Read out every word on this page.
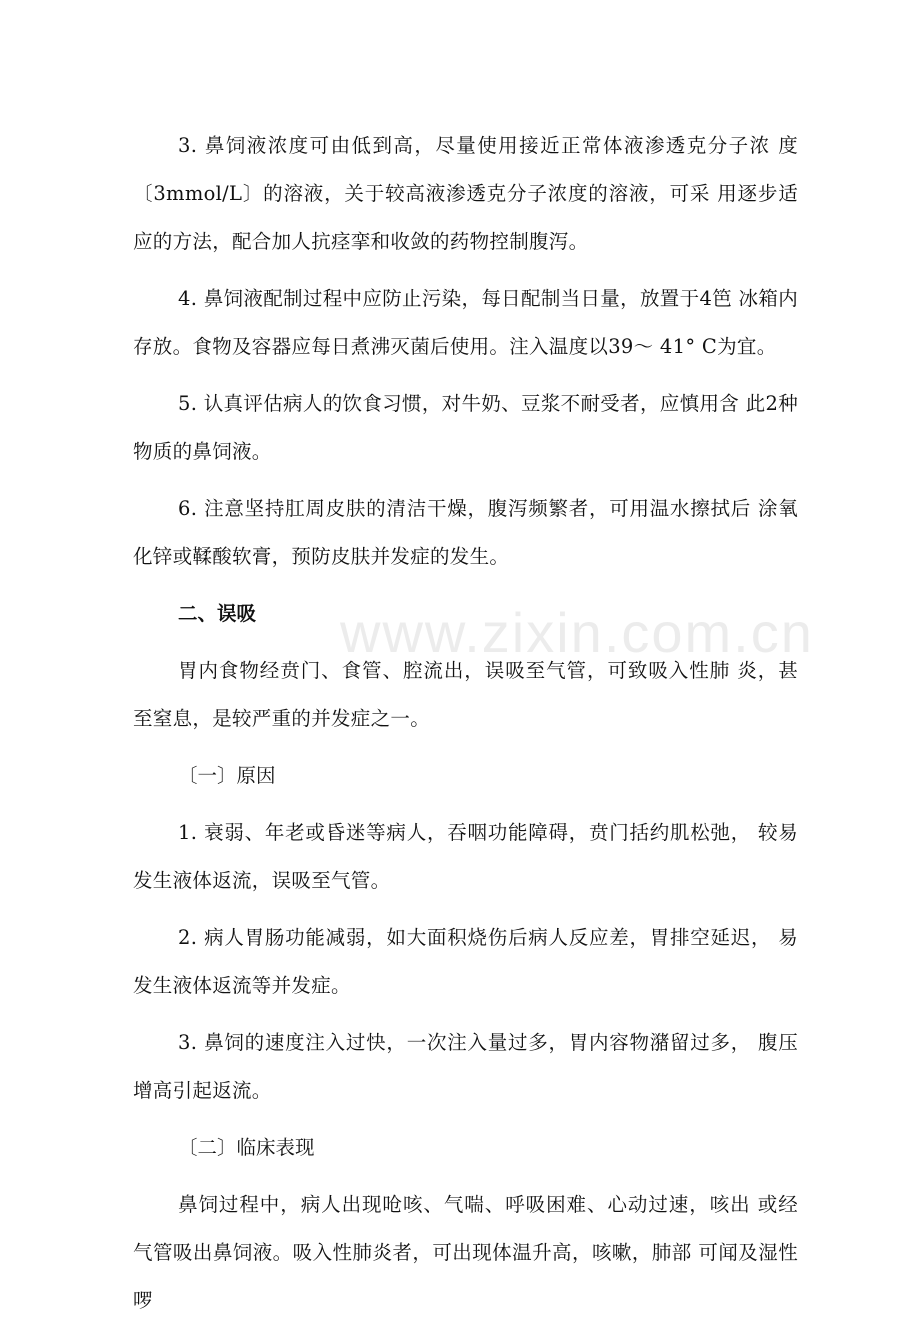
www.zixin.com.cn

3. 鼻饲液浓度可由低到高，尽量使用接近正常体液渗透克分子浓 度〔3mmol/L〕的溶液，关于较高液渗透克分子浓度的溶液，可采 用逐步适应的方法，配合加人抗痉挛和收敛的药物控制腹泻。

4. 鼻饲液配制过程中应防止污染，每日配制当日量，放置于4笆 冰箱内存放。食物及容器应每日煮沸灭菌后使用。注入温度以39～ 41° C为宜。

5. 认真评估病人的饮食习惯，对牛奶、豆浆不耐受者，应慎用含 此2种物质的鼻饲液。

6. 注意坚持肛周皮肤的清洁干燥，腹泻频繁者，可用温水擦拭后 涂氧化锌或鞣酸软膏，预防皮肤并发症的发生。

二、误吸

胃内食物经贲门、食管、腔流出，误吸至气管，可致吸入性肺 炎，甚至窒息，是较严重的并发症之一。

〔一〕原因

1. 衰弱、年老或昏迷等病人，吞咽功能障碍，贲门括约肌松弛， 较易发生液体返流，误吸至气管。

2. 病人胃肠功能减弱，如大面积烧伤后病人反应差，胃排空延迟， 易发生液体返流等并发症。

3. 鼻饲的速度注入过快，一次注入量过多，胃内容物潴留过多， 腹压增高引起返流。

〔二〕临床表现

鼻饲过程中，病人出现呛咳、气喘、呼吸困难、心动过速，咳出 或经气管吸出鼻饲液。吸入性肺炎者，可出现体温升高，咳嗽，肺部 可闻及湿性啰
